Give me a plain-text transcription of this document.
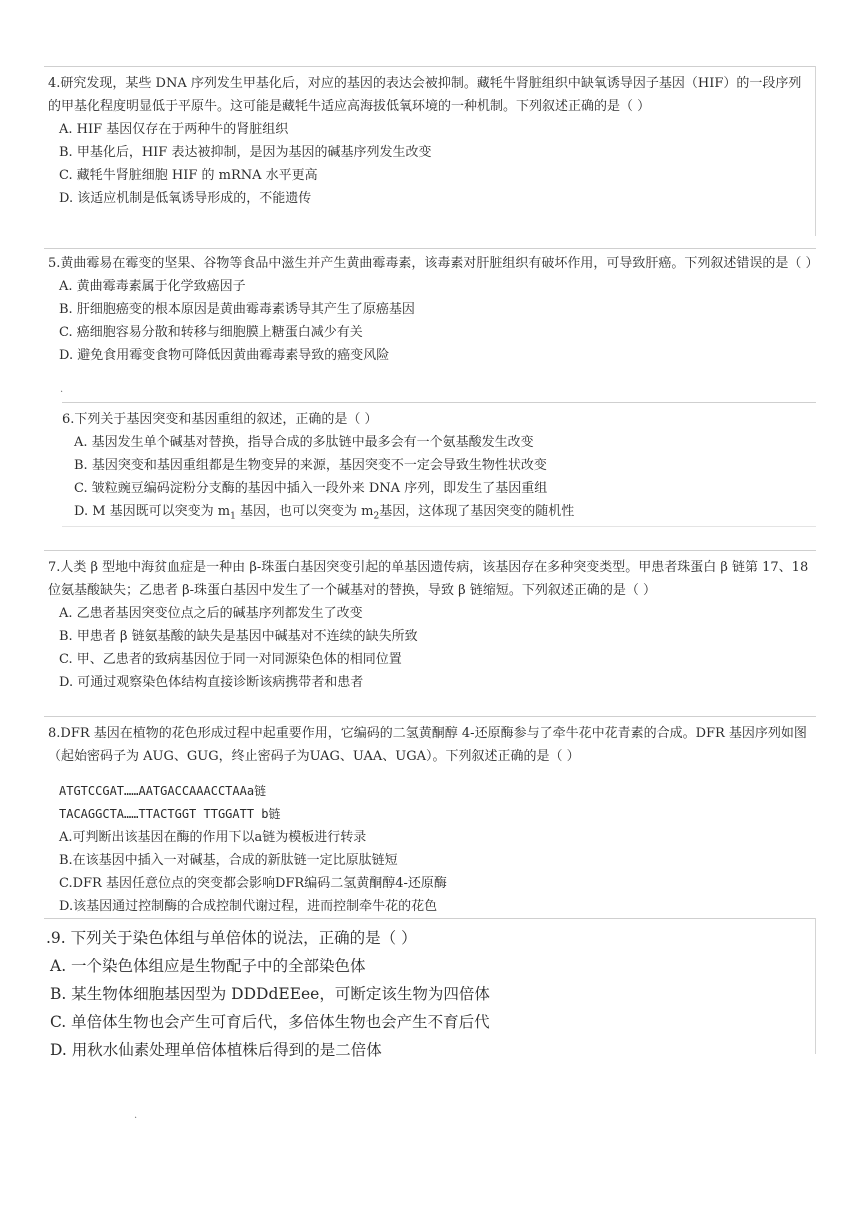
4.研究发现，某些 DNA 序列发生甲基化后，对应的基因的表达会被抑制。藏牦牛肾脏组织中缺氧诱导因子基因（HIF）的一段序列的甲基化程度明显低于平原牛。这可能是藏牦牛适应高海拔低氧环境的一种机制。下列叙述正确的是（ ）

A. HIF 基因仅存在于两种牛的肾脏组织

B. 甲基化后，HIF 表达被抑制，是因为基因的碱基序列发生改变

C. 藏牦牛肾脏细胞 HIF 的 mRNA 水平更高

D. 该适应机制是低氧诱导形成的，不能遗传

5.黄曲霉易在霉变的坚果、谷物等食品中滋生并产生黄曲霉毒素，该毒素对肝脏组织有破坏作用，可导致肝癌。下列叙述错误的是（ ）

A. 黄曲霉毒素属于化学致癌因子

B. 肝细胞癌变的根本原因是黄曲霉毒素诱导其产生了原癌基因

C. 癌细胞容易分散和转移与细胞膜上糖蛋白减少有关

D. 避免食用霉变食物可降低因黄曲霉毒素导致的癌变风险

·

6.下列关于基因突变和基因重组的叙述，正确的是（ ）

A. 基因发生单个碱基对替换，指导合成的多肽链中最多会有一个氨基酸发生改变

B. 基因突变和基因重组都是生物变异的来源，基因突变不一定会导致生物性状改变

C. 皱粒豌豆编码淀粉分支酶的基因中插入一段外来 DNA 序列，即发生了基因重组

D. M 基因既可以突变为 $m_1$ 基因，也可以突变为 $m_2$基因，这体现了基因突变的随机性

7.人类 β 型地中海贫血症是一种由 β-珠蛋白基因突变引起的单基因遗传病，该基因存在多种突变类型。甲患者珠蛋白 β 链第 17、18 位氨基酸缺失；乙患者 β-珠蛋白基因中发生了一个碱基对的替换，导致 β 链缩短。下列叙述正确的是（ ）

A. 乙患者基因突变位点之后的碱基序列都发生了改变

B. 甲患者 β 链氨基酸的缺失是基因中碱基对不连续的缺失所致

C. 甲、乙患者的致病基因位于同一对同源染色体的相同位置

D. 可通过观察染色体结构直接诊断该病携带者和患者

8.DFR 基因在植物的花色形成过程中起重要作用，它编码的二氢黄酮醇 4-还原酶参与了牵牛花中花青素的合成。DFR 基因序列如图（起始密码子为 AUG、GUG，终止密码子为UAG、UAA、UGA）。下列叙述正确的是（ ）

ATGTCCGAT……AATGACCAAACCTAAa链

TACAGGCTA……TTACTGGT TTGGATT b链

A.可判断出该基因在酶的作用下以a链为模板进行转录

B.在该基因中插入一对碱基，合成的新肽链一定比原肽链短

C.DFR 基因任意位点的突变都会影响DFR编码二氢黄酮醇4-还原酶

D.该基因通过控制酶的合成控制代谢过程，进而控制牵牛花的花色

.9. 下列关于染色体组与单倍体的说法，正确的是（ ）

A. 一个染色体组应是生物配子中的全部染色体

B. 某生物体细胞基因型为 DDDdEEee，可断定该生物为四倍体

C. 单倍体生物也会产生可育后代，多倍体生物也会产生不育后代

D. 用秋水仙素处理单倍体植株后得到的是二倍体

.
